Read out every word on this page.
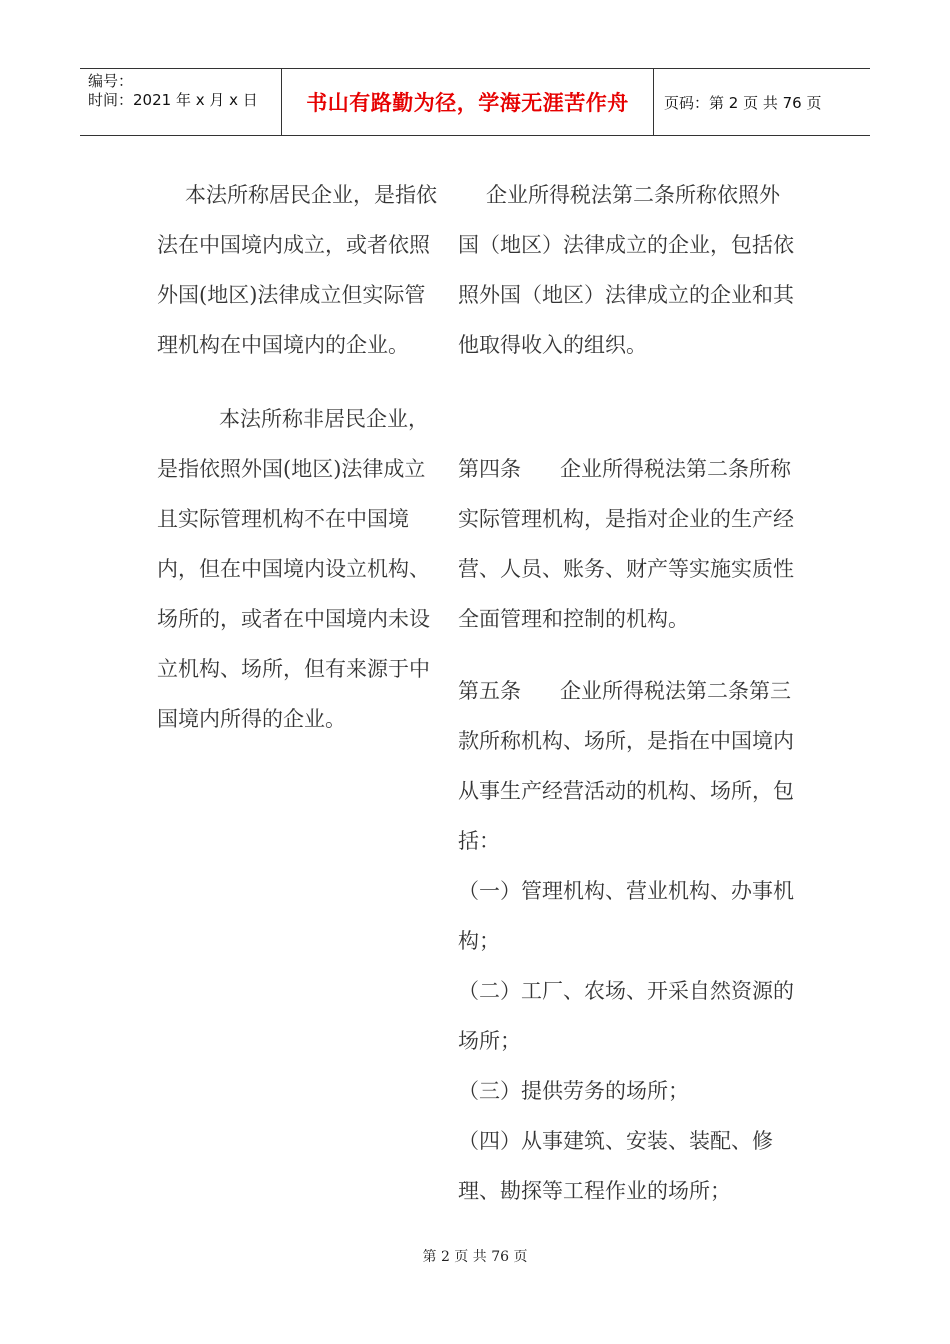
编号：
时间：2021 年 x 月 x 日	书山有路勤为径，学海无涯苦作舟	页码：第 2 页 共 76 页

本法所称居民企业，是指依法在中国境内成立，或者依照外国(地区)法律成立但实际管理机构在中国境内的企业。

本法所称非居民企业，是指依照外国(地区)法律成立且实际管理机构不在中国境内，但在中国境内设立机构、场所的，或者在中国境内未设立机构、场所，但有来源于中国境内所得的企业。

企业所得税法第二条所称依照外国（地区）法律成立的企业，包括依照外国（地区）法律成立的企业和其他取得收入的组织。

第四条 企业所得税法第二条所称实际管理机构，是指对企业的生产经营、人员、账务、财产等实施实质性全面管理和控制的机构。

第五条 企业所得税法第二条第三款所称机构、场所，是指在中国境内从事生产经营活动的机构、场所，包括：

（一）管理机构、营业机构、办事机构；

（二）工厂、农场、开采自然资源的场所；

（三）提供劳务的场所；

（四）从事建筑、安装、装配、修理、勘探等工程作业的场所；

第 2 页 共 76 页
